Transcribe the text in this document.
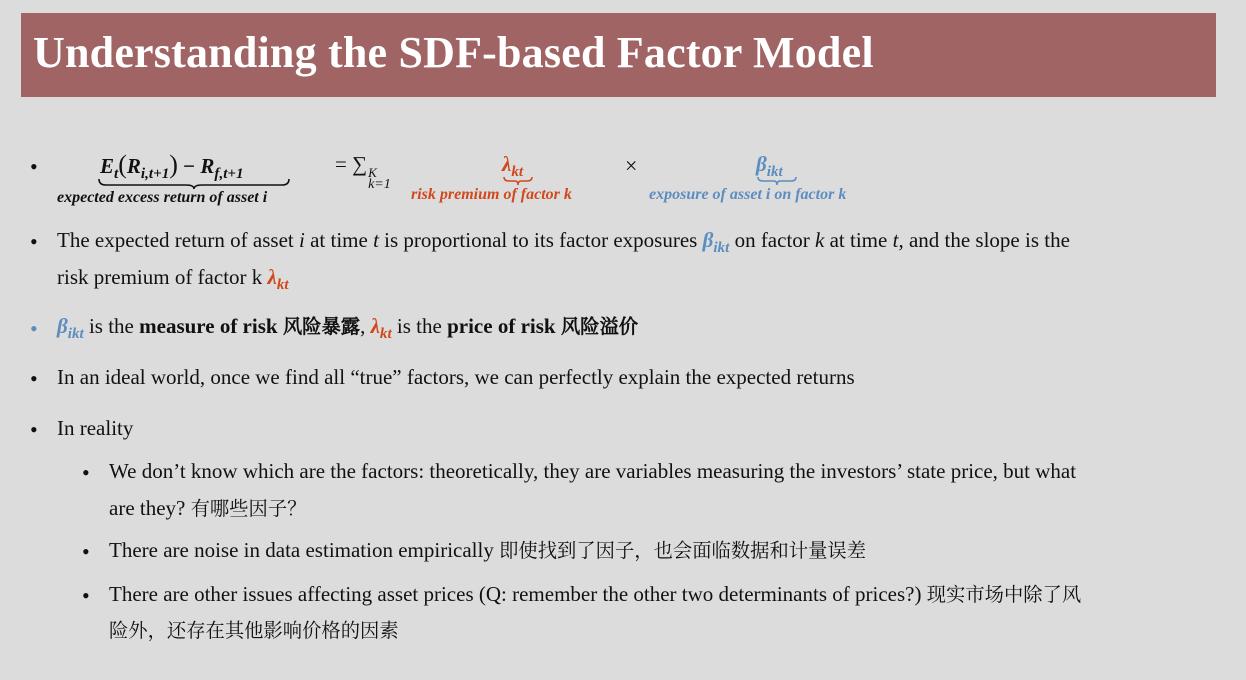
Understanding the SDF-based Factor Model
•	$E_t(R_{i,t+1}) - R_{f,t+1}$
expected excess return of asset i
= ∑ K
k=1
$\lambda_{kt}$
risk premium of factor k
×	$\beta_{ikt}$
exposure of asset i on factor k
• The expected return of asset i at time t is proportional to its factor exposures $\beta_{ikt}$ on factor k at time t, and the slope is the
risk premium of factor k $\lambda_{kt}$
• $\beta_{ikt}$ is the measure of risk 风险暴露, $\lambda_{kt}$ is the price of risk 风险溢价
• In an ideal world, once we find all “true” factors, we can perfectly explain the expected returns
• In reality
• We don’t know which are the factors: theoretically, they are variables measuring the investors’ state price, but what
are they? 有哪些因子？
• There are noise in data estimation empirically 即使找到了因子，也会面临数据和计量误差
• There are other issues affecting asset prices (Q: remember the other two determinants of prices?) 现实市场中除了风
险外，还存在其他影响价格的因素
